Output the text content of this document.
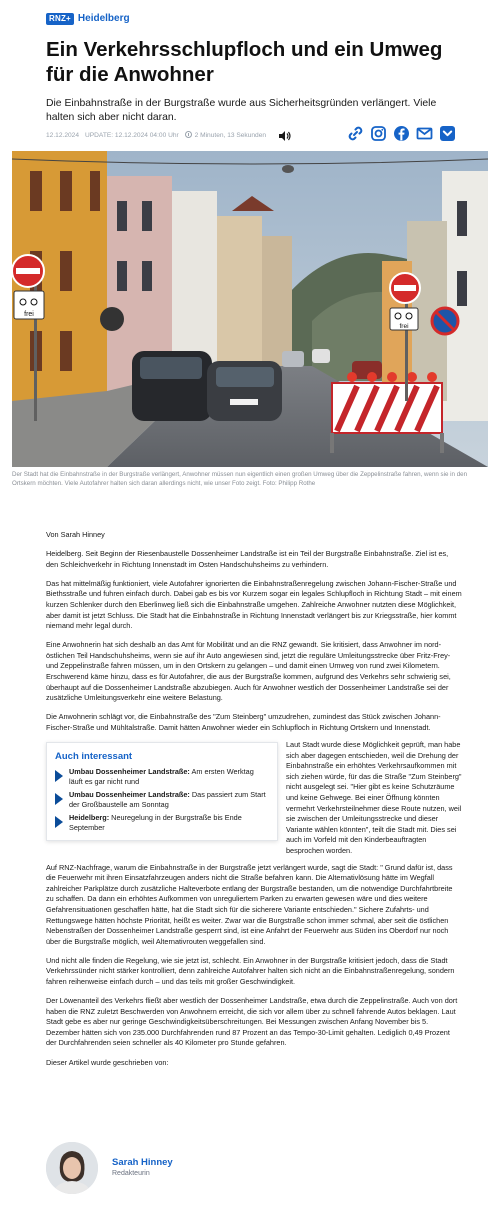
RNZ+ Heidelberg
Ein Verkehrsschlupfloch und ein Umweg für die Anwohner

Die Einbahnstraße in der Burgstraße wurde aus Sicherheitsgründen verlängert. Viele halten sich aber nicht daran.

12.12.2024 UPDATE: 12.12.2024 04:00 Uhr	2 Minuten, 13 Sekunden
frei
frei

Der Stadt hat die Einbahnstraße in der Burgstraße verlängert, Anwohner müssen nun eigentlich einen großen Umweg über die Zeppelinstraße fahren, wenn sie in den Ortskern möchten. Viele Autofahrer halten sich daran allerdings nicht, wie unser Foto zeigt. Foto: Philipp Rothe

Von Sarah Hinney

Heidelberg. Seit Beginn der Riesenbaustelle Dossenheimer Landstraße ist ein Teil der Burgstraße Einbahnstraße. Ziel ist es, den Schleichverkehr in Richtung Innenstadt im Osten Handschuhsheims zu verhindern.

Das hat mittelmäßig funktioniert, viele Autofahrer ignorierten die Einbahnstraßenregelung zwischen Johann-Fischer-Straße und Biethsstraße und fuhren einfach durch. Dabei gab es bis vor Kurzem sogar ein legales Schlupfloch in Richtung Stadt – mit einem kurzen Schlenker durch den Eberlinweg ließ sich die Einbahnstraße umgehen. Zahlreiche Anwohner nutzten diese Möglichkeit, aber damit ist jetzt Schluss. Die Stadt hat die Einbahnstraße in Richtung Innenstadt verlängert bis zur Kriegsstraße, hier kommt niemand mehr legal durch.

Eine Anwohnerin hat sich deshalb an das Amt für Mobilität und an die RNZ gewandt. Sie kritisiert, dass Anwohner im nord-östlichen Teil Handschuhsheims, wenn sie auf ihr Auto angewiesen sind, jetzt die reguläre Umleitungsstrecke über Fritz-Frey- und Zeppelinstraße fahren müssen, um in den Ortskern zu gelangen – und damit einen Umweg von rund zwei Kilometern. Erschwerend käme hinzu, dass es für Autofahrer, die aus der Burgstraße kommen, aufgrund des Verkehrs sehr schwierig sei, überhaupt auf die Dossenheimer Landstraße abzubiegen. Auch für Anwohner westlich der Dossenheimer Landstraße sei der zusätzliche Umleitungsverkehr eine weitere Belastung.

Die Anwohnerin schlägt vor, die Einbahnstraße des "Zum Steinberg" umzudrehen, zumindest das Stück zwischen Johann-Fischer-Straße und Mühltalstraße. Damit hätten Anwohner wieder ein Schlupfloch in Richtung Ortskern und Innenstadt.

Auch interessant
Umbau Dossenheimer Landstraße: Am ersten Werktag läuft es gar nicht rund
Umbau Dossenheimer Landstraße: Das passiert zum Start der Großbaustelle am Sonntag
Heidelberg: Neuregelung in der Burgstraße bis Ende September
Laut Stadt wurde diese Möglichkeit geprüft, man habe sich aber dagegen entschieden, weil die Drehung der Einbahnstraße ein erhöhtes Verkehrsaufkommen mit sich ziehen würde, für das die Straße "Zum Steinberg" nicht ausgelegt sei. "Hier gibt es keine Schutzräume und keine Gehwege. Bei einer Öffnung könnten vermehrt Verkehrsteilnehmer diese Route nutzen, weil sie zwischen der Umleitungsstrecke und dieser Variante wählen könnten", teilt die Stadt mit. Dies sei auch im Vorfeld mit den Kinderbeauftragten besprochen worden.

Auf RNZ-Nachfrage, warum die Einbahnstraße in der Burgstraße jetzt verlängert wurde, sagt die Stadt: " Grund dafür ist, dass die Feuerwehr mit ihren Einsatzfahrzeugen anders nicht die Straße befahren kann. Die Alternativlösung hätte im Wegfall zahlreicher Parkplätze durch zusätzliche Halteverbote entlang der Burgstraße bestanden, um die notwendige Durchfahrtbreite zu schaffen. Da dann ein erhöhtes Aufkommen von unreguliertem Parken zu erwarten gewesen wäre und dies weitere Gefahrensituationen geschaffen hätte, hat die Stadt sich für die sicherere Variante entschieden." Sichere Zufahrts- und Rettungswege hätten höchste Priorität, heißt es weiter. Zwar war die Burgstraße schon immer schmal, aber seit die östlichen Nebenstraßen der Dossenheimer Landstraße gesperrt sind, ist eine Anfahrt der Feuerwehr aus Süden ins Oberdorf nur noch über die Burgstraße möglich, weil Alternativrouten weggefallen sind.

Und nicht alle finden die Regelung, wie sie jetzt ist, schlecht. Ein Anwohner in der Burgstraße kritisiert jedoch, dass die Stadt Verkehrssünder nicht stärker kontrolliert, denn zahlreiche Autofahrer halten sich nicht an die Einbahnstraßenregelung, sondern fahren reihenweise einfach durch – und das teils mit großer Geschwindigkeit.

Der Löwenanteil des Verkehrs fließt aber westlich der Dossenheimer Landstraße, etwa durch die Zeppelinstraße. Auch von dort haben die RNZ zuletzt Beschwerden von Anwohnern erreicht, die sich vor allem über zu schnell fahrende Autos beklagen. Laut Stadt gebe es aber nur geringe Geschwindigkeitsüberschreitungen. Bei Messungen zwischen Anfang November bis 5. Dezember hätten sich von 235.000 Durchfahrenden rund 87 Prozent an das Tempo-30-Limit gehalten. Lediglich 0,49 Prozent der Durchfahrenden seien schneller als 40 Kilometer pro Stunde gefahren.

Dieser Artikel wurde geschrieben von:

Sarah Hinney
Redakteurin
